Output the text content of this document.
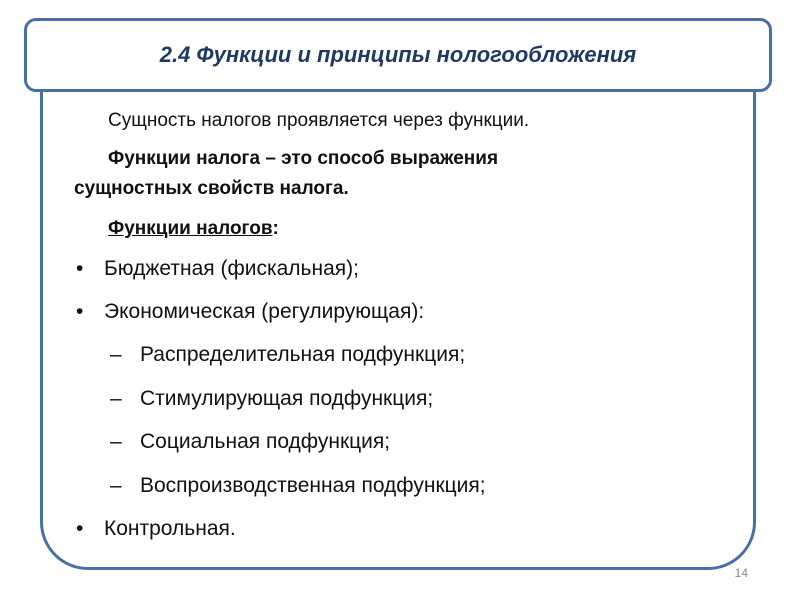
2.4 Функции и принципы нологообложения
Сущность налогов проявляется через функции.
Функции налога – это способ выражения
сущностных свойств налога.
Функции налогов:
• Бюджетная (фискальная);
• Экономическая (регулирующая):
– Распределительная подфункция;
– Стимулирующая подфункция;
– Социальная подфункция;
– Воспроизводственная подфункция;
• Контрольная.
14
